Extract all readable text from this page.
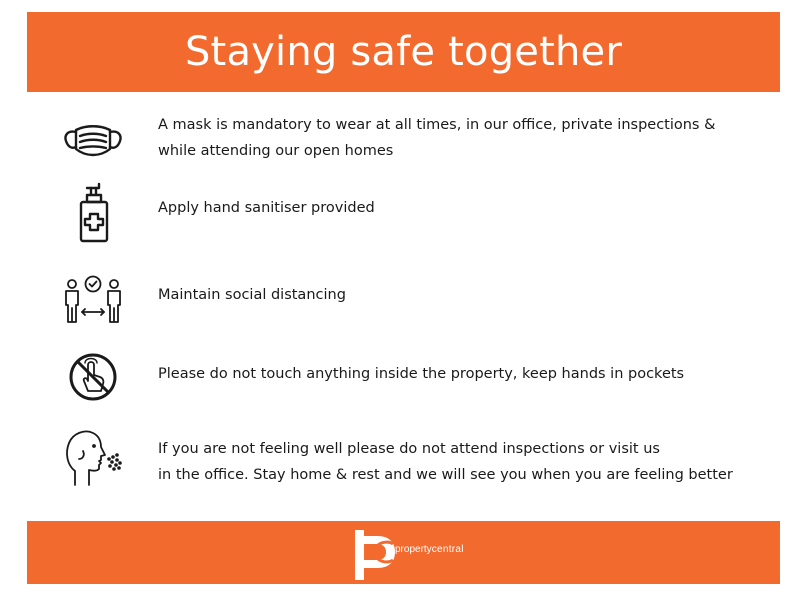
Staying safe together

A mask is mandatory to wear at all times, in our office, private inspections &
while attending our open homes

Apply hand sanitiser provided

Maintain social distancing

Please do not touch anything inside the property, keep hands in pockets

If you are not feeling well please do not attend inspections or visit us
in the office. Stay home & rest and we will see you when you are feeling better

propertycentral
